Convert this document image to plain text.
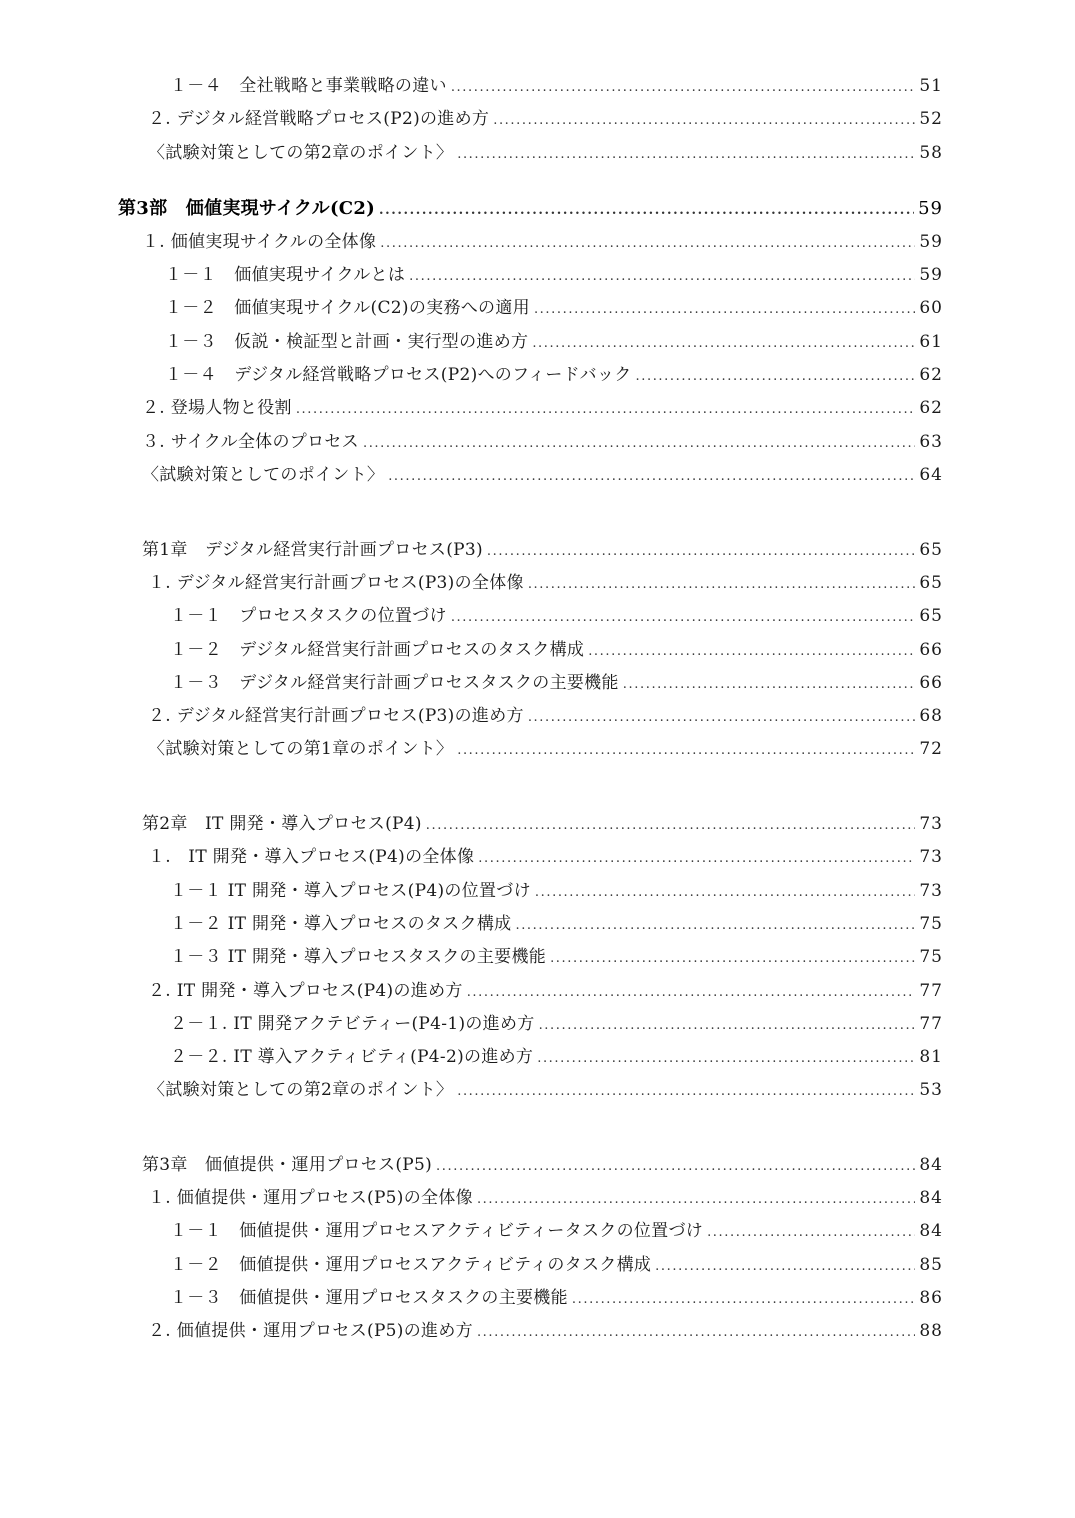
１－４　全社戦略と事業戦略の違い .....	51
２. デジタル経営戦略プロセス(P2)の進め方 .....	52
〈試験対策としての第2章のポイント〉 .....	58
第3部　価値実現サイクル(C2) .....	59
１. 価値実現サイクルの全体像 .....	59
１－１　価値実現サイクルとは .....	59
１－２　価値実現サイクル(C2)の実務への適用 .....	60
１－３　仮説・検証型と計画・実行型の進め方 .....	61
１－４　デジタル経営戦略プロセス(P2)へのフィードバック .....	62
２. 登場人物と役割 .....	62
３. サイクル全体のプロセス .....	63
〈試験対策としてのポイント〉 .....	64
第1章　デジタル経営実行計画プロセス(P3) .....	65
１. デジタル経営実行計画プロセス(P3)の全体像 .....	65
１－１　プロセスタスクの位置づけ .....	65
１－２　デジタル経営実行計画プロセスのタスク構成 .....	66
１－３　デジタル経営実行計画プロセスタスクの主要機能 .....	66
２. デジタル経営実行計画プロセス(P3)の進め方 .....	68
〈試験対策としての第1章のポイント〉 .....	72
第2章　IT 開発・導入プロセス(P4) .....	73
１.　IT 開発・導入プロセス(P4)の全体像 .....	73
１－１ IT 開発・導入プロセス(P4)の位置づけ .....	73
１－２ IT 開発・導入プロセスのタスク構成 .....	75
１－３ IT 開発・導入プロセスタスクの主要機能 .....	75
２. IT 開発・導入プロセス(P4)の進め方 .....	77
２－１. IT 開発アクテビティー(P4-1)の進め方 .....	77
２－２. IT 導入アクティビティ(P4-2)の進め方 .....	81
〈試験対策としての第2章のポイント〉 .....	53
第3章　価値提供・運用プロセス(P5) .....	84
１. 価値提供・運用プロセス(P5)の全体像 .....	84
１－１　価値提供・運用プロセスアクティビティータスクの位置づけ .....	84
１－２　価値提供・運用プロセスアクティビティのタスク構成 .....	85
１－３　価値提供・運用プロセスタスクの主要機能 .....	86
２. 価値提供・運用プロセス(P5)の進め方 .....	88
